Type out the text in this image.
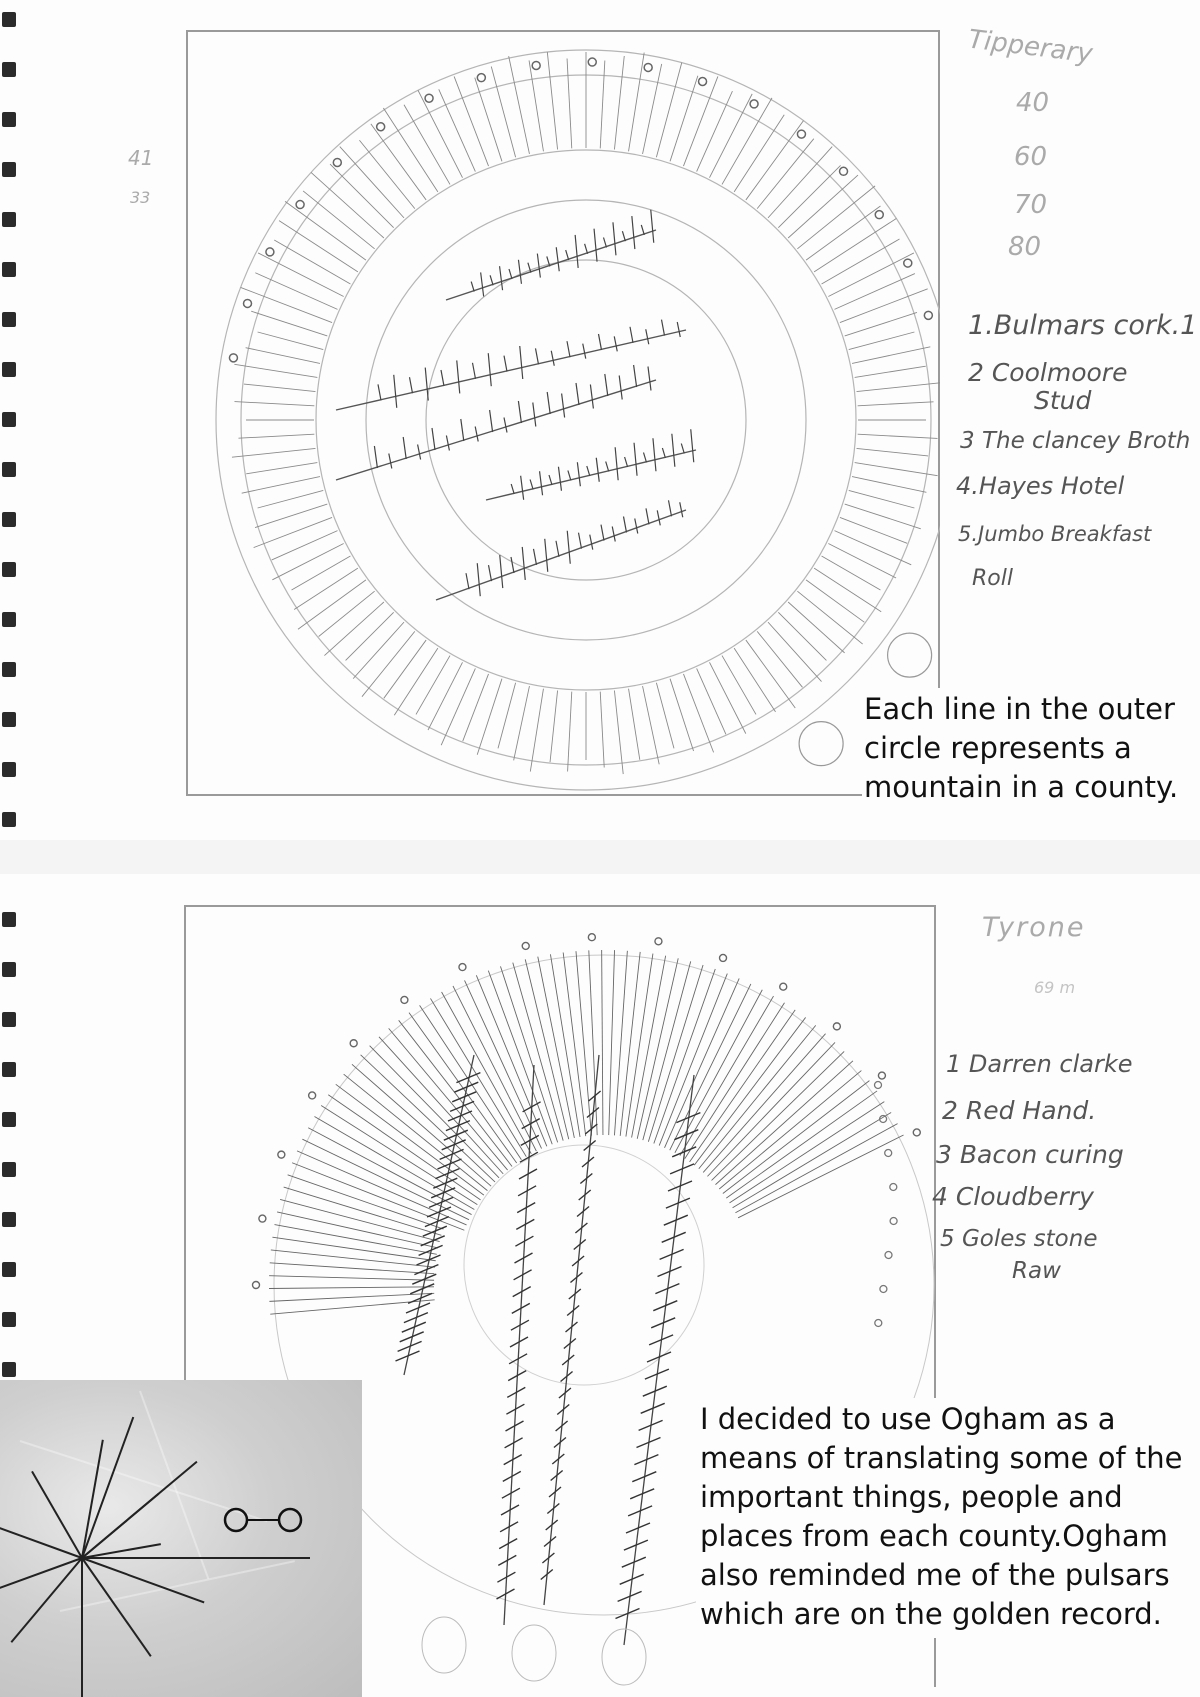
41
33
Tipperary
40
60
70
80
1.Bulmars cork.1
2 Coolmoore
Stud
3 The clancey Broth
4.Hayes Hotel
5.Jumbo Breakfast
Roll
Each line in the outer
circle represents a
mountain in a county.
Tyrone
69 m
1 Darren clarke
2 Red Hand.
3 Bacon curing
4 Cloudberry
5 Goles stone
Raw
I decided to use Ogham as a
means of translating some of the
important things, people and
places from each county.Ogham
also reminded me of the pulsars
which are on the golden record.
